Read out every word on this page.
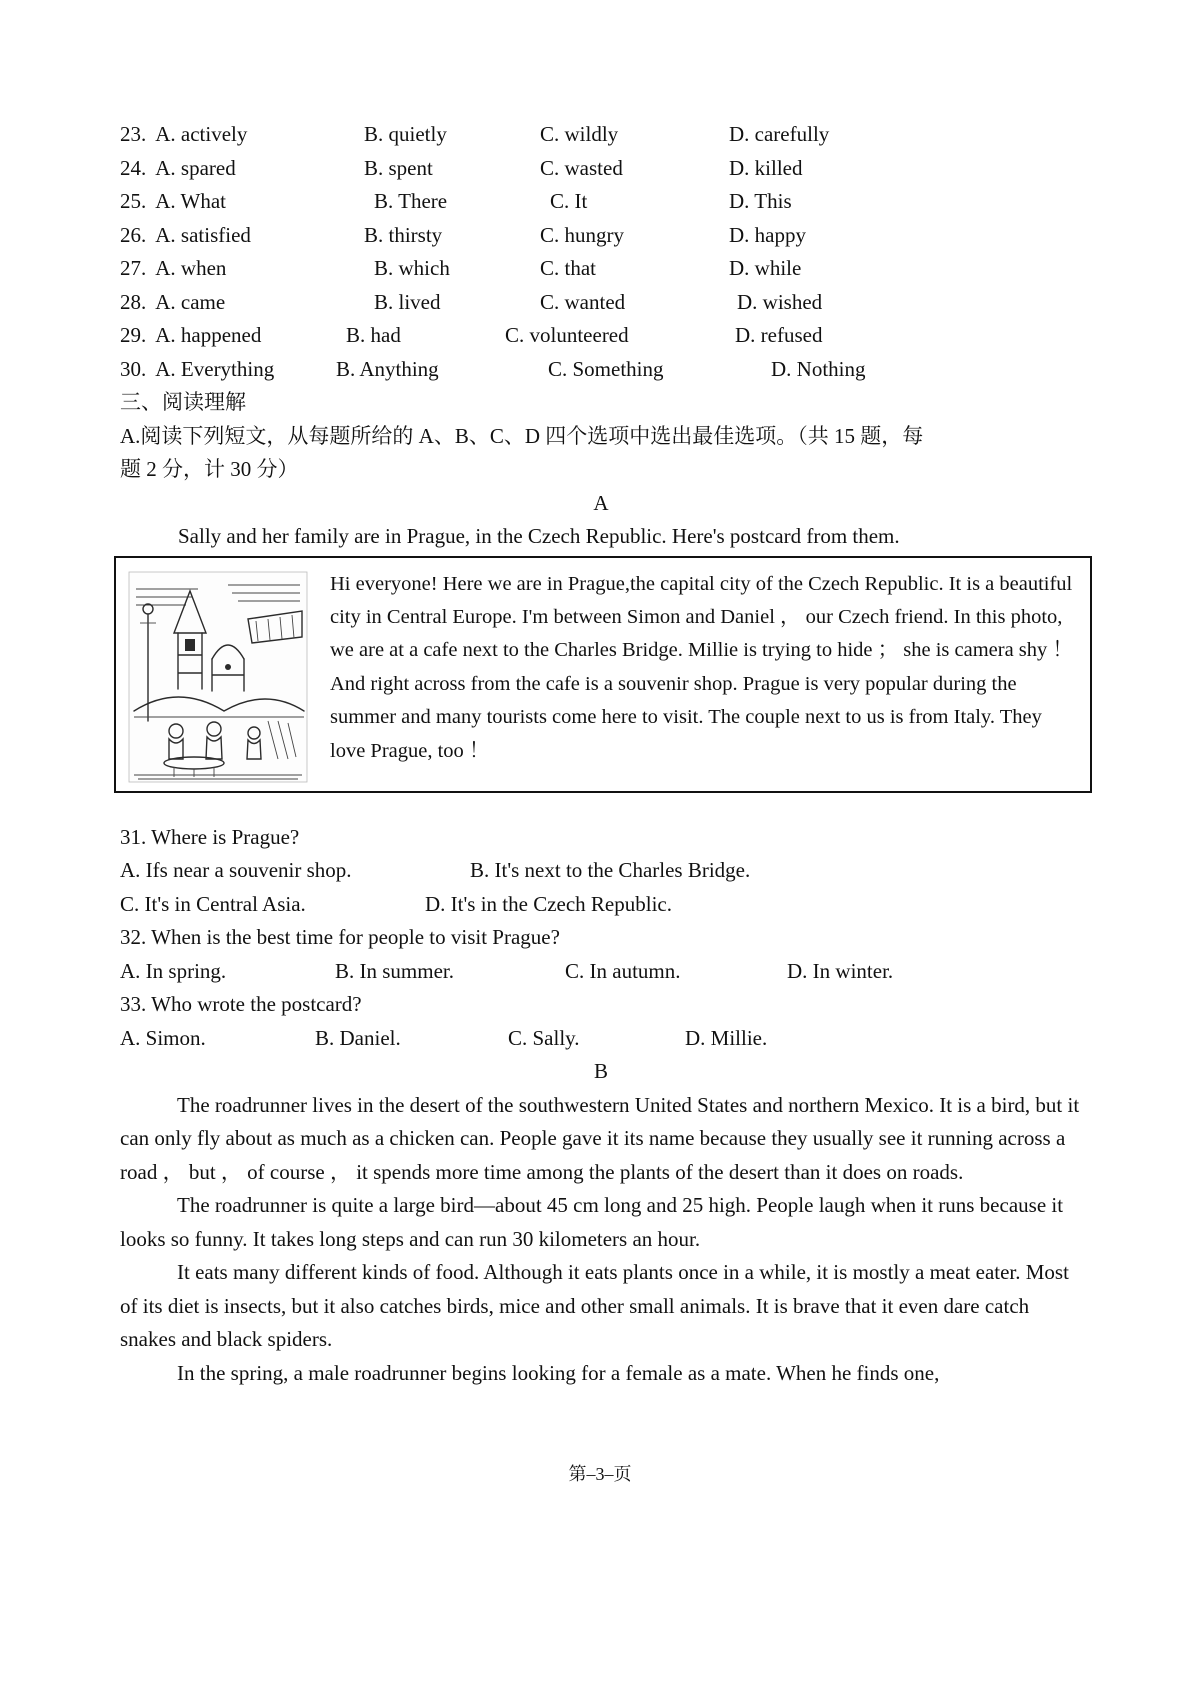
23. A. actively	B. quietly	C. wildly	D. carefully
24. A. spared	B. spent	C. wasted	D. killed
25. A. What	B. There	C. It	D. This
26. A. satisfied	B. thirsty	C. hungry	D. happy
27. A. when	B. which	C. that	D. while
28. A. came	B. lived	C. wanted	D. wished
29. A. happened	B. had	C. volunteered	D. refused
30. A. Everything	B. Anything	C. Something	D. Nothing
三、阅读理解
A.阅读下列短文，从每题所给的 A、B、C、D 四个选项中选出最佳选项。（共 15 题，每
题 2 分，计 30 分）
A
Sally and her family are in Prague, in the Czech Republic. Here's postcard from them.
Hi everyone! Here we are in Prague,the capital city of the Czech Republic. It is a beautiful city in Central Europe. I'm between Simon and Daniel ， our Czech friend. In this photo, we are at a cafe next to the Charles Bridge. Millie is trying to hide ； she is camera shy ！ And right across from the cafe is a souvenir shop. Prague is very popular during the summer and many tourists come here to visit. The couple next to us is from Italy. They love Prague, too ！
31. Where is Prague?
A. Ifs near a souvenir shop.	B. It's next to the Charles Bridge.
C. It's in Central Asia.	D. It's in the Czech Republic.
32. When is the best time for people to visit Prague?
A. In spring.	B. In summer.	C. In autumn.	D. In winter.
33. Who wrote the postcard?
A. Simon.	B. Daniel.	C. Sally.	D. Millie.
B

The roadrunner lives in the desert of the southwestern United States and northern Mexico. It is a bird, but it can only fly about as much as a chicken can. People gave it its name because they usually see it running across a road ， but ， of course ， it spends more time among the plants of the desert than it does on roads.

The roadrunner is quite a large bird—about 45 cm long and 25 high. People laugh when it runs because it looks so funny. It takes long steps and can run 30 kilometers an hour.

It eats many different kinds of food. Although it eats plants once in a while, it is mostly a meat eater. Most of its diet is insects, but it also catches birds, mice and other small animals. It is brave that it even dare catch snakes and black spiders.

In the spring, a male roadrunner begins looking for a female as a mate. When he finds one,

第–3–页
